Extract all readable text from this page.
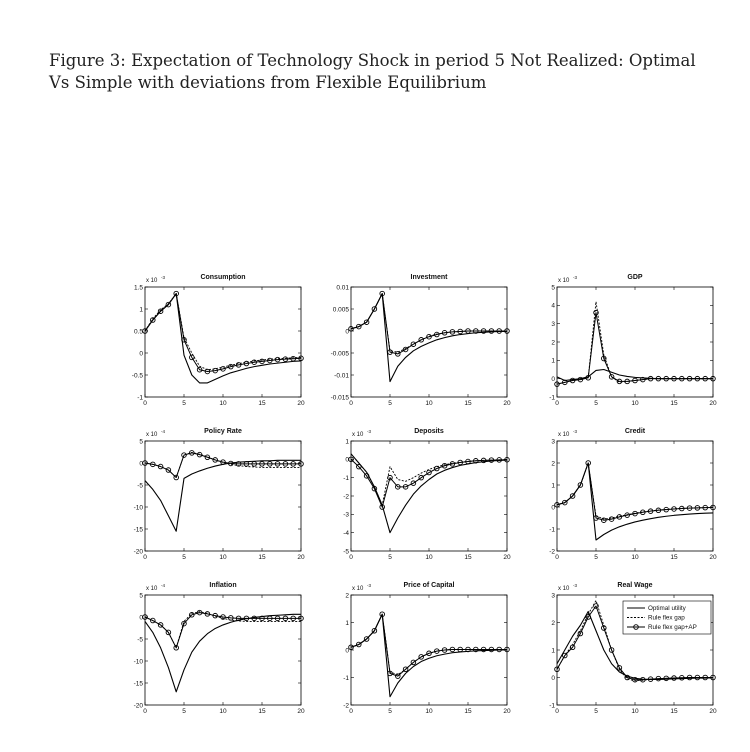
Figure 3: Expectation of Technology Shock in period 5 Not Realized: Optimal Vs Simple with deviations from Flexible Equilibrium
Consumption
x 10
-3
0	5	10	15	20
-1
-0.5
0
0.5
1
1.5
Investment
0	5	10	15	20
-0.015
-0.01
-0.005
0
0.005
0.01
GDP
x 10
-3
0	5	10	15	20
-1
0
1
2
3
4
5
Policy Rate
x 10
-4
0	5	10	15	20
-20
-15
-10
-5
0
5
Deposits
x 10
-3
0	5	10	15	20
-5
-4
-3
-2
-1
0
1
Credit
x 10
-3
0	5	10	15	20
-2
-1
0
1
2
3
Inflation
x 10
-4
0	5	10	15	20
-20
-15
-10
-5
0
5
Price of Capital
x 10
-3
0	5	10	15	20
-2
-1
0
1
2
Real Wage
x 10
-3
0	5	10	15	20
-1
0
1
2
3
Optimal utility
Rule flex gap
Rule flex gap+AP
